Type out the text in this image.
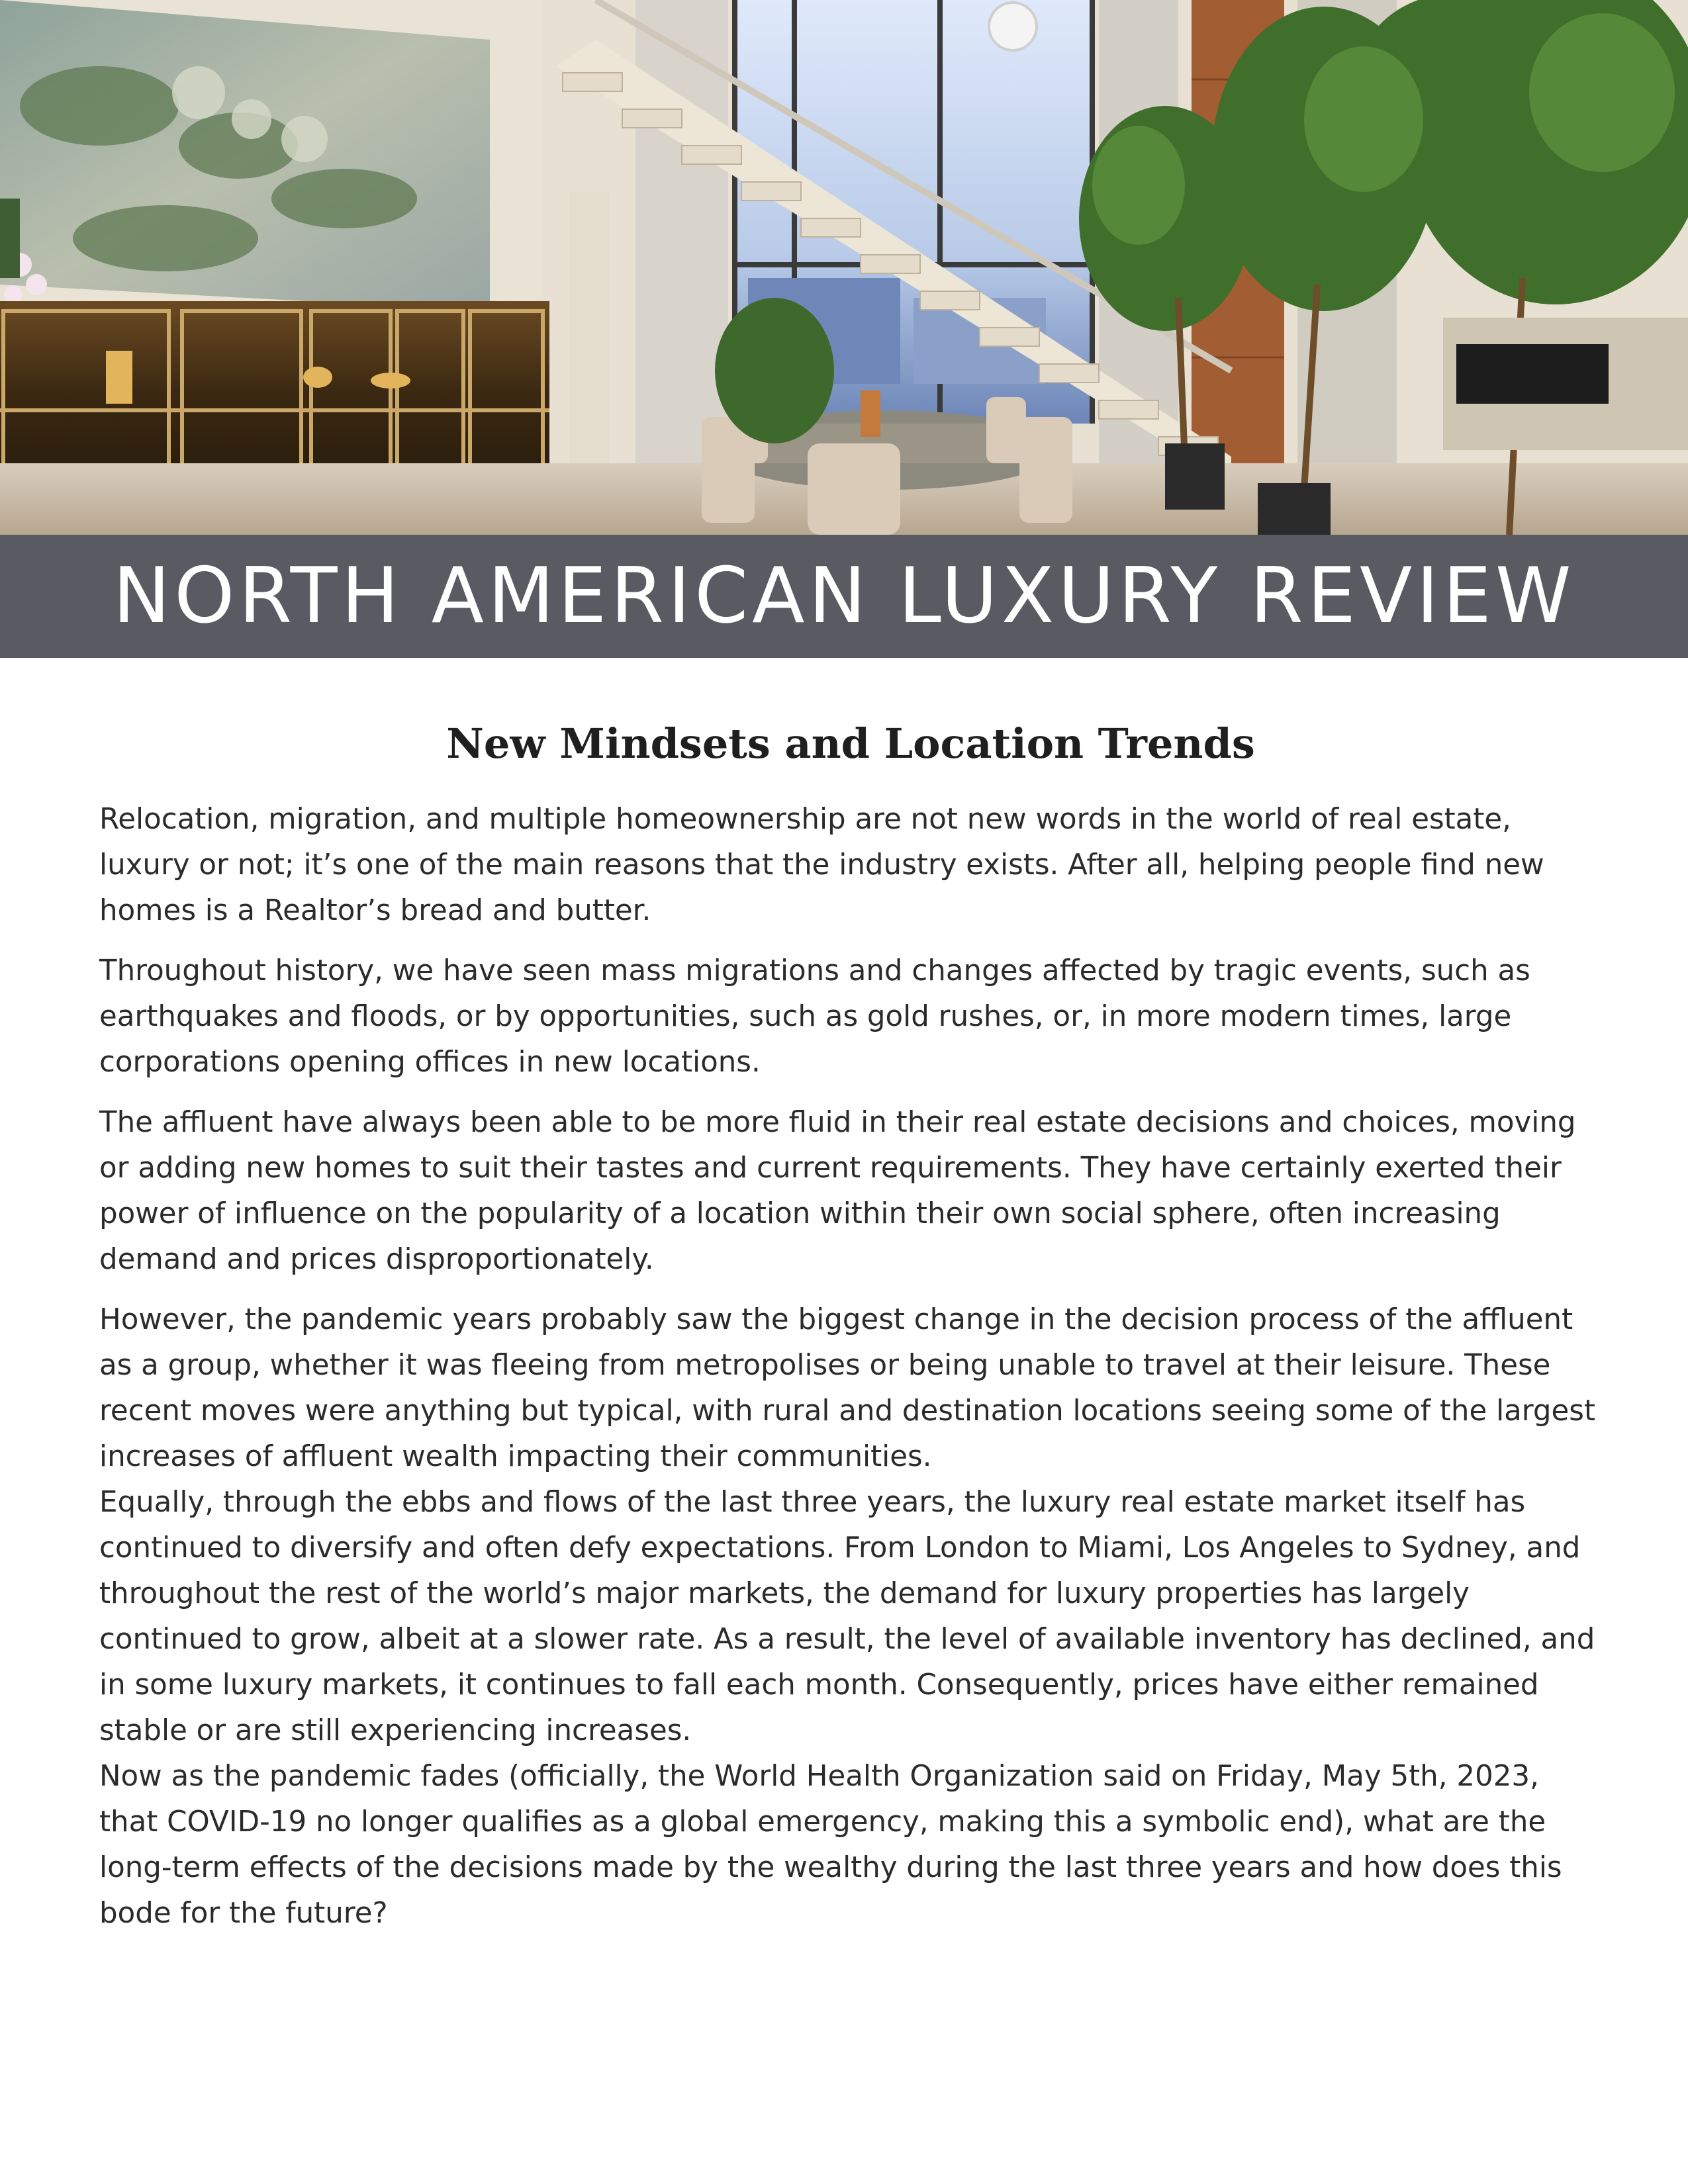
NORTH AMERICAN LUXURY REVIEW
New Mindsets and Location Trends

Relocation, migration, and multiple homeownership are not new words in the world of real estate, luxury or not; it’s one of the main reasons that the industry exists. After all, helping people find new homes is a Realtor’s bread and butter.

Throughout history, we have seen mass migrations and changes affected by tragic events, such as earthquakes and floods, or by opportunities, such as gold rushes, or, in more modern times, large corporations opening offices in new locations.

The affluent have always been able to be more fluid in their real estate decisions and choices, moving or adding new homes to suit their tastes and current requirements. They have certainly exerted their power of influence on the popularity of a location within their own social sphere, often increasing demand and prices disproportionately.

However, the pandemic years probably saw the biggest change in the decision process of the affluent as a group, whether it was fleeing from metropolises or being unable to travel at their leisure. These recent moves were anything but typical, with rural and destination locations seeing some of the largest increases of affluent wealth impacting their communities.

Equally, through the ebbs and flows of the last three years, the luxury real estate market itself has continued to diversify and often defy expectations. From London to Miami, Los Angeles to Sydney, and throughout the rest of the world’s major markets, the demand for luxury properties has largely continued to grow, albeit at a slower rate. As a result, the level of available inventory has declined, and in some luxury markets, it continues to fall each month. Consequently, prices have either remained stable or are still experiencing increases.

Now as the pandemic fades (officially, the World Health Organization said on Friday, May 5th, 2023, that COVID-19 no longer qualifies as a global emergency, making this a symbolic end), what are the long-term effects of the decisions made by the wealthy during the last three years and how does this bode for the future?
